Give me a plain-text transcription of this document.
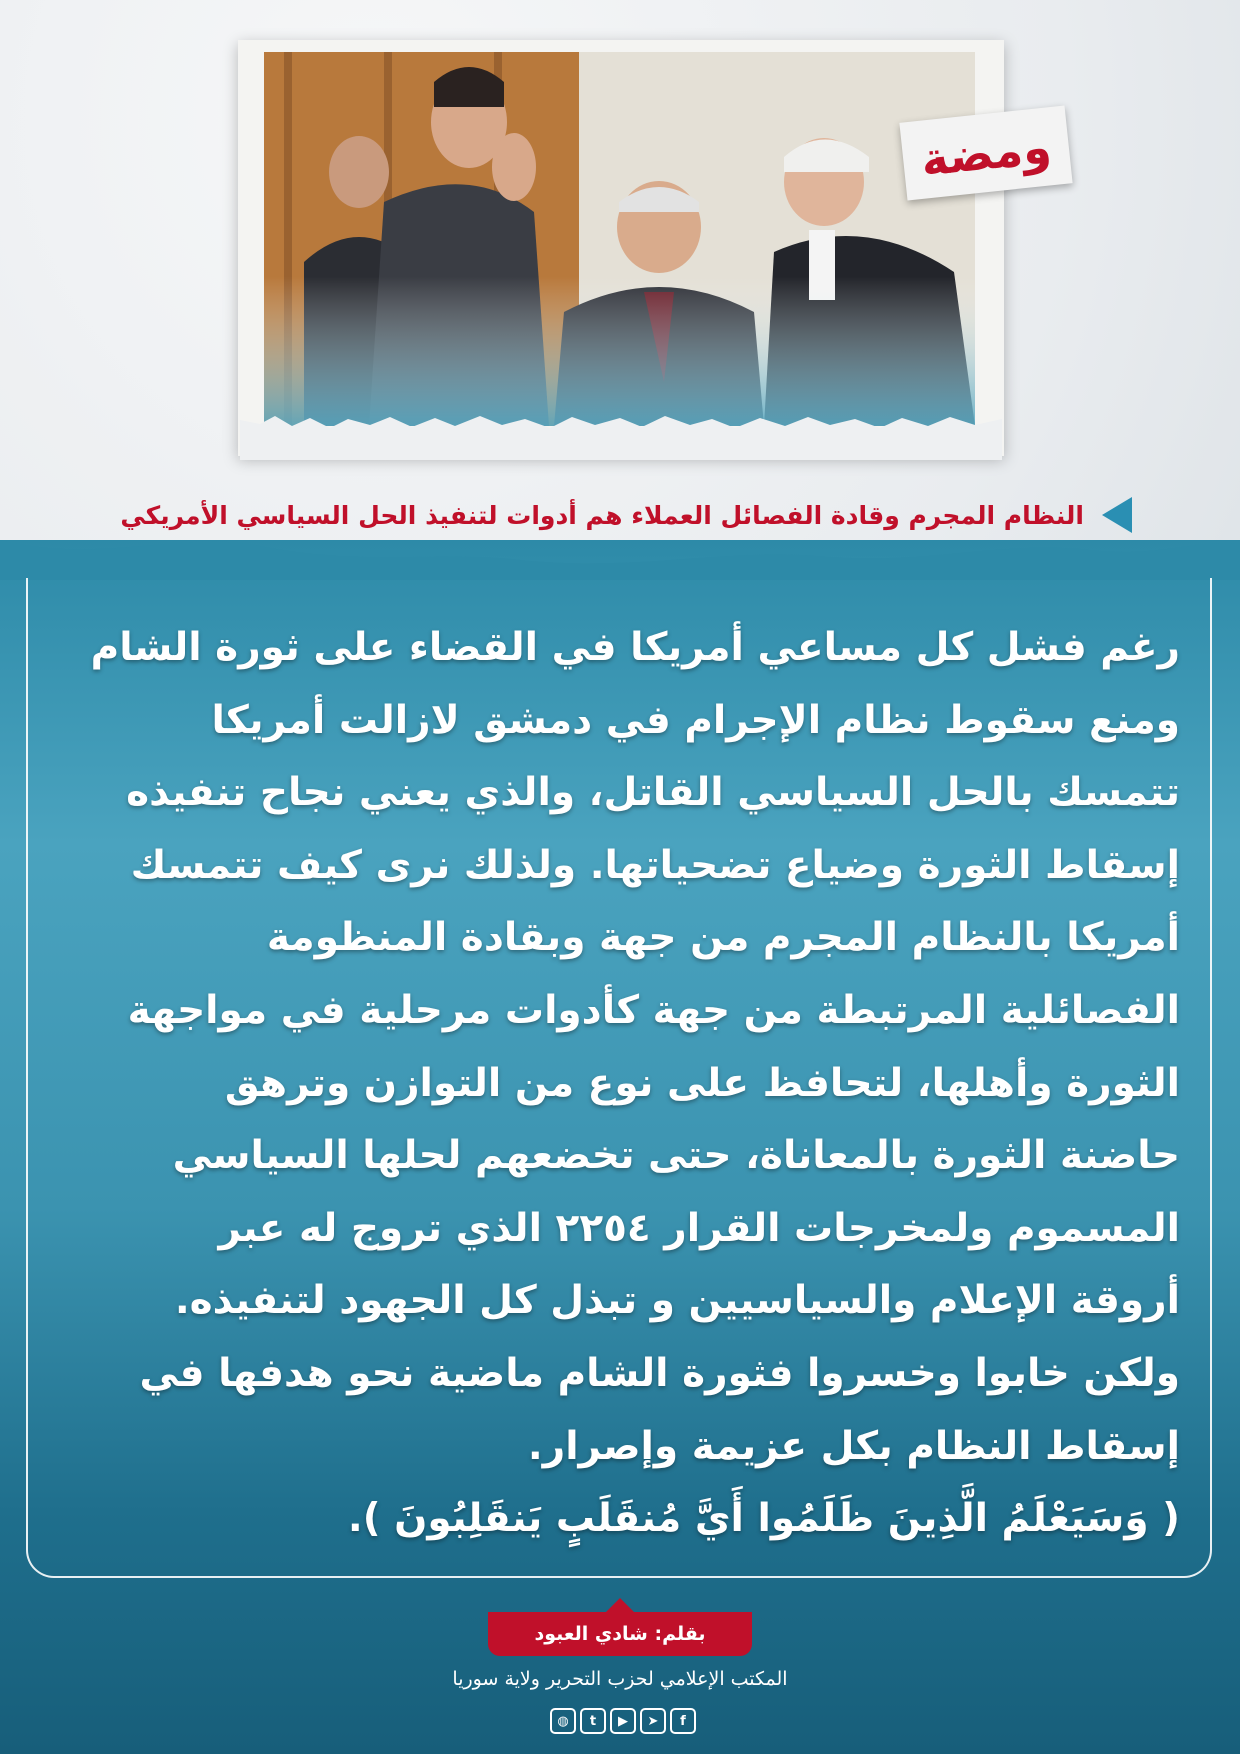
ومضة
النظام المجرم وقادة الفصائل العملاء هم أدوات لتنفيذ الحل السياسي الأمريكي

رغم فشل كل مساعي أمريكا في القضاء على ثورة الشام

ومنع سقوط نظام الإجرام في دمشق لازالت أمريكا

تتمسك بالحل السياسي القاتل، والذي يعني نجاح تنفيذه

إسقاط الثورة وضياع تضحياتها. ولذلك نرى كيف تتمسك

أمريكا بالنظام المجرم من جهة وبقادة المنظومة

الفصائلية المرتبطة من جهة كأدوات مرحلية في مواجهة

الثورة وأهلها، لتحافظ على نوع من التوازن وترهق

حاضنة الثورة بالمعاناة، حتى تخضعهم لحلها السياسي

المسموم ولمخرجات القرار ٢٢٥٤ الذي تروج له عبر

أروقة الإعلام والسياسيين و تبذل كل الجهود لتنفيذه.

ولكن خابوا وخسروا فثورة الشام ماضية نحو هدفها في

إسقاط النظام بكل عزيمة وإصرار.

( وَسَيَعْلَمُ الَّذِينَ ظَلَمُوا أَيَّ مُنقَلَبٍ يَنقَلِبُونَ ).

بقلم: شادي العبود
المكتب الإعلامي لحزب التحرير ولاية سوريا
◍	t	▶	➤	f
